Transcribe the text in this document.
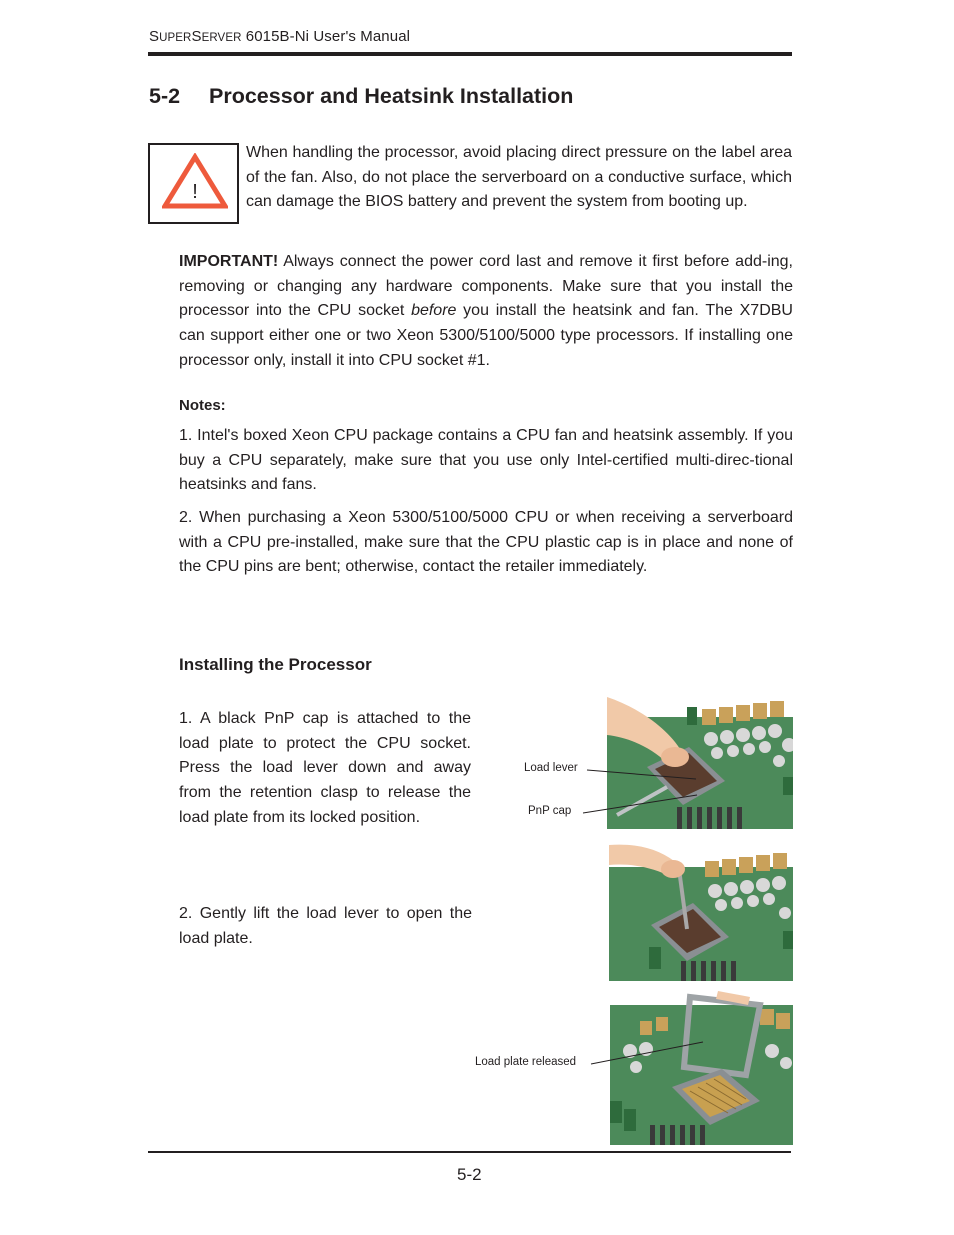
SUPERSERVER 6015B-Ni User's Manual
5-2 Processor and Heatsink Installation
!
When handling the processor, avoid placing direct pressure on the label area of the fan. Also, do not place the serverboard on a conductive surface, which can damage the BIOS battery and prevent the system from booting up.
IMPORTANT! Always connect the power cord last and remove it first before add-ing, removing or changing any hardware components. Make sure that you install the processor into the CPU socket before you install the heatsink and fan. The X7DBU can support either one or two Xeon 5300/5100/5000 type processors. If installing one processor only, install it into CPU socket #1.
Notes:
1. Intel's boxed Xeon CPU package contains a CPU fan and heatsink assembly. If you buy a CPU separately, make sure that you use only Intel-certified multi-direc-tional heatsinks and fans.
2. When purchasing a Xeon 5300/5100/5000 CPU or when receiving a serverboard with a CPU pre-installed, make sure that the CPU plastic cap is in place and none of the CPU pins are bent; otherwise, contact the retailer immediately.
Installing the Processor
1. A black PnP cap is attached to the load plate to protect the CPU socket. Press the load lever down and away from the retention clasp to release the load plate from its locked position.
2. Gently lift the load lever to open the load plate.
Load lever
PnP cap
Load plate released
5-2
